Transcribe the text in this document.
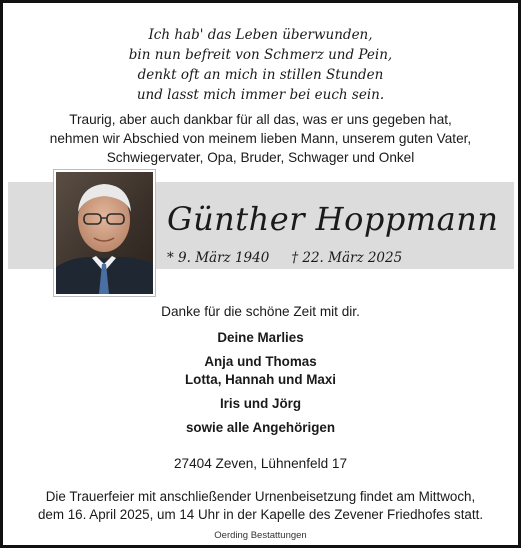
Ich hab' das Leben überwunden,
bin nun befreit von Schmerz und Pein,
denkt oft an mich in stillen Stunden
und lasst mich immer bei euch sein.
Traurig, aber auch dankbar für all das, was er uns gegeben hat,
nehmen wir Abschied von meinem lieben Mann, unserem guten Vater,
Schwiegervater, Opa, Bruder, Schwager und Onkel
Günther Hoppmann
* 9. März 1940 † 22. März 2025
Danke für die schöne Zeit mit dir.
Deine Marlies
Anja und Thomas
Lotta, Hannah und Maxi
Iris und Jörg
sowie alle Angehörigen
27404 Zeven, Lühnenfeld 17
Die Trauerfeier mit anschließender Urnenbeisetzung findet am Mittwoch,
dem 16. April 2025, um 14 Uhr in der Kapelle des Zevener Friedhofes statt.
Oerding Bestattungen
